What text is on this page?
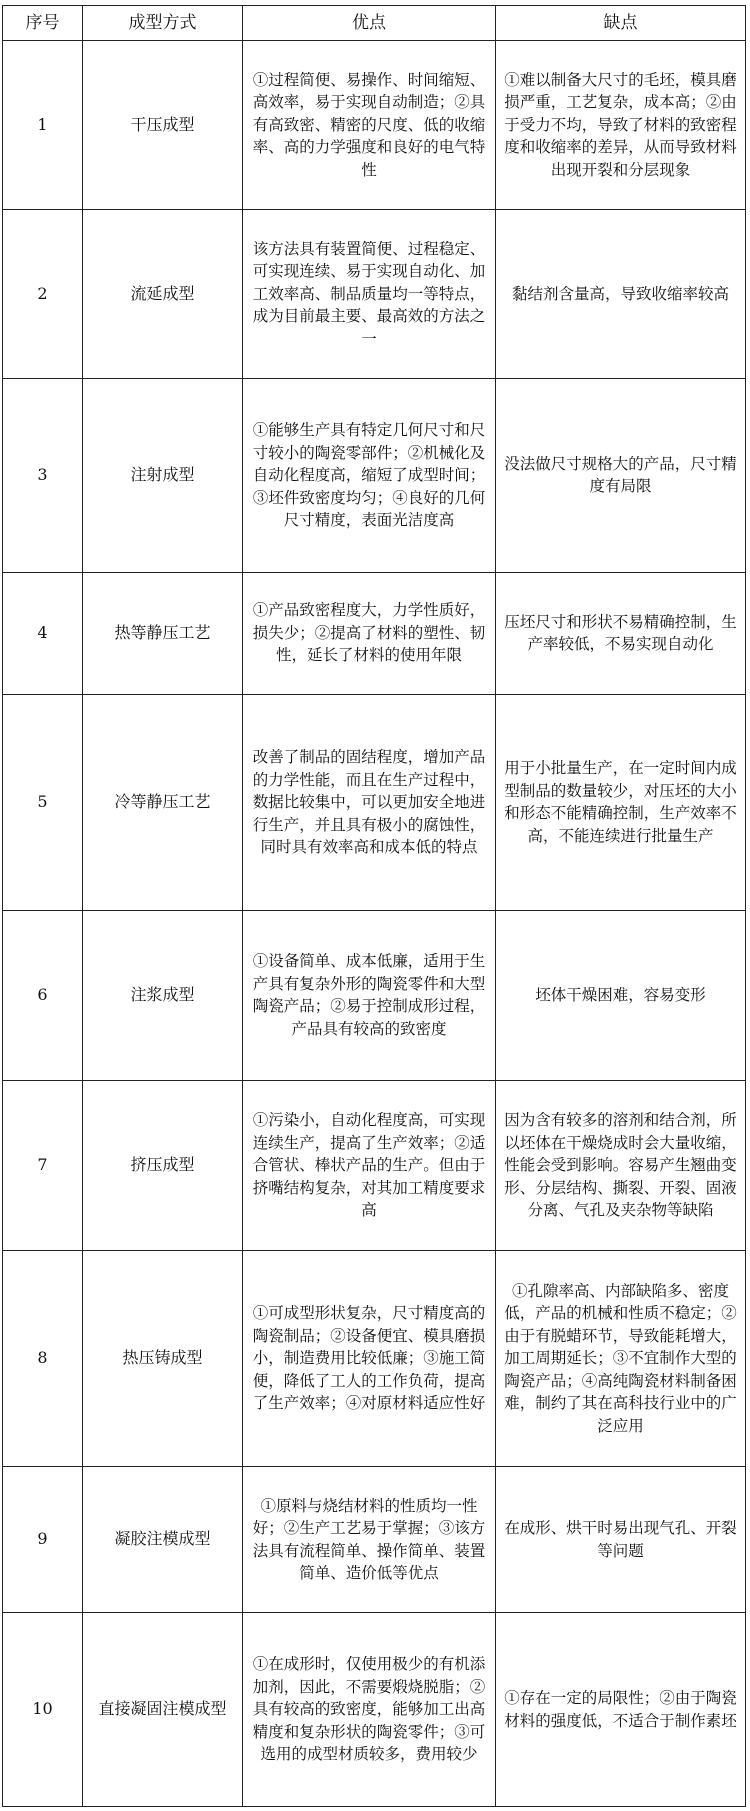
序号	成型方式	优点	缺点
1	干压成型	①过程简便、易操作、时间缩短、高效率，易于实现自动制造；②具有高致密、精密的尺度、低的收缩率、高的力学强度和良好的电气特性	①难以制备大尺寸的毛坯，模具磨损严重，工艺复杂，成本高；②由于受力不均，导致了材料的致密程度和收缩率的差异，从而导致材料出现开裂和分层现象
2	流延成型	该方法具有装置简便、过程稳定、可实现连续、易于实现自动化、加工效率高、制品质量均一等特点，成为目前最主要、最高效的方法之一	黏结剂含量高，导致收缩率较高
3	注射成型	①能够生产具有特定几何尺寸和尺寸较小的陶瓷零部件；②机械化及自动化程度高，缩短了成型时间；③坯件致密度均匀；④良好的几何尺寸精度，表面光洁度高	没法做尺寸规格大的产品，尺寸精度有局限
4	热等静压工艺	①产品致密程度大，力学性质好，损失少；②提高了材料的塑性、韧性，延长了材料的使用年限	压坯尺寸和形状不易精确控制，生产率较低，不易实现自动化
5	冷等静压工艺	改善了制品的固结程度，增加产品的力学性能，而且在生产过程中，数据比较集中，可以更加安全地进行生产，并且具有极小的腐蚀性，同时具有效率高和成本低的特点	用于小批量生产，在一定时间内成型制品的数量较少，对压坯的大小和形态不能精确控制，生产效率不高，不能连续进行批量生产
6	注浆成型	①设备简单、成本低廉，适用于生产具有复杂外形的陶瓷零件和大型陶瓷产品；②易于控制成形过程，产品具有较高的致密度	坯体干燥困难，容易变形
7	挤压成型	①污染小，自动化程度高，可实现连续生产，提高了生产效率；②适合管状、棒状产品的生产。但由于挤嘴结构复杂，对其加工精度要求高	因为含有较多的溶剂和结合剂，所以坯体在干燥烧成时会大量收缩，性能会受到影响。容易产生翘曲变形、分层结构、撕裂、开裂、固液分离、气孔及夹杂物等缺陷
8	热压铸成型	①可成型形状复杂，尺寸精度高的陶瓷制品；②设备便宜、模具磨损小，制造费用比较低廉；③施工简便，降低了工人的工作负荷，提高了生产效率；④对原材料适应性好	①孔隙率高、内部缺陷多、密度低，产品的机械和性质不稳定；②由于有脱蜡环节，导致能耗增大，加工周期延长；③不宜制作大型的陶瓷产品；④高纯陶瓷材料制备困难，制约了其在高科技行业中的广泛应用
9	凝胶注模成型	①原料与烧结材料的性质均一性好；②生产工艺易于掌握；③该方法具有流程简单、操作简单、装置简单、造价低等优点	在成形、烘干时易出现气孔、开裂等问题
10	直接凝固注模成型	①在成形时，仅使用极少的有机添加剂，因此，不需要煅烧脱脂；②具有较高的致密度，能够加工出高精度和复杂形状的陶瓷零件；③可选用的成型材质较多，费用较少	①存在一定的局限性；②由于陶瓷材料的强度低，不适合于制作素坯
